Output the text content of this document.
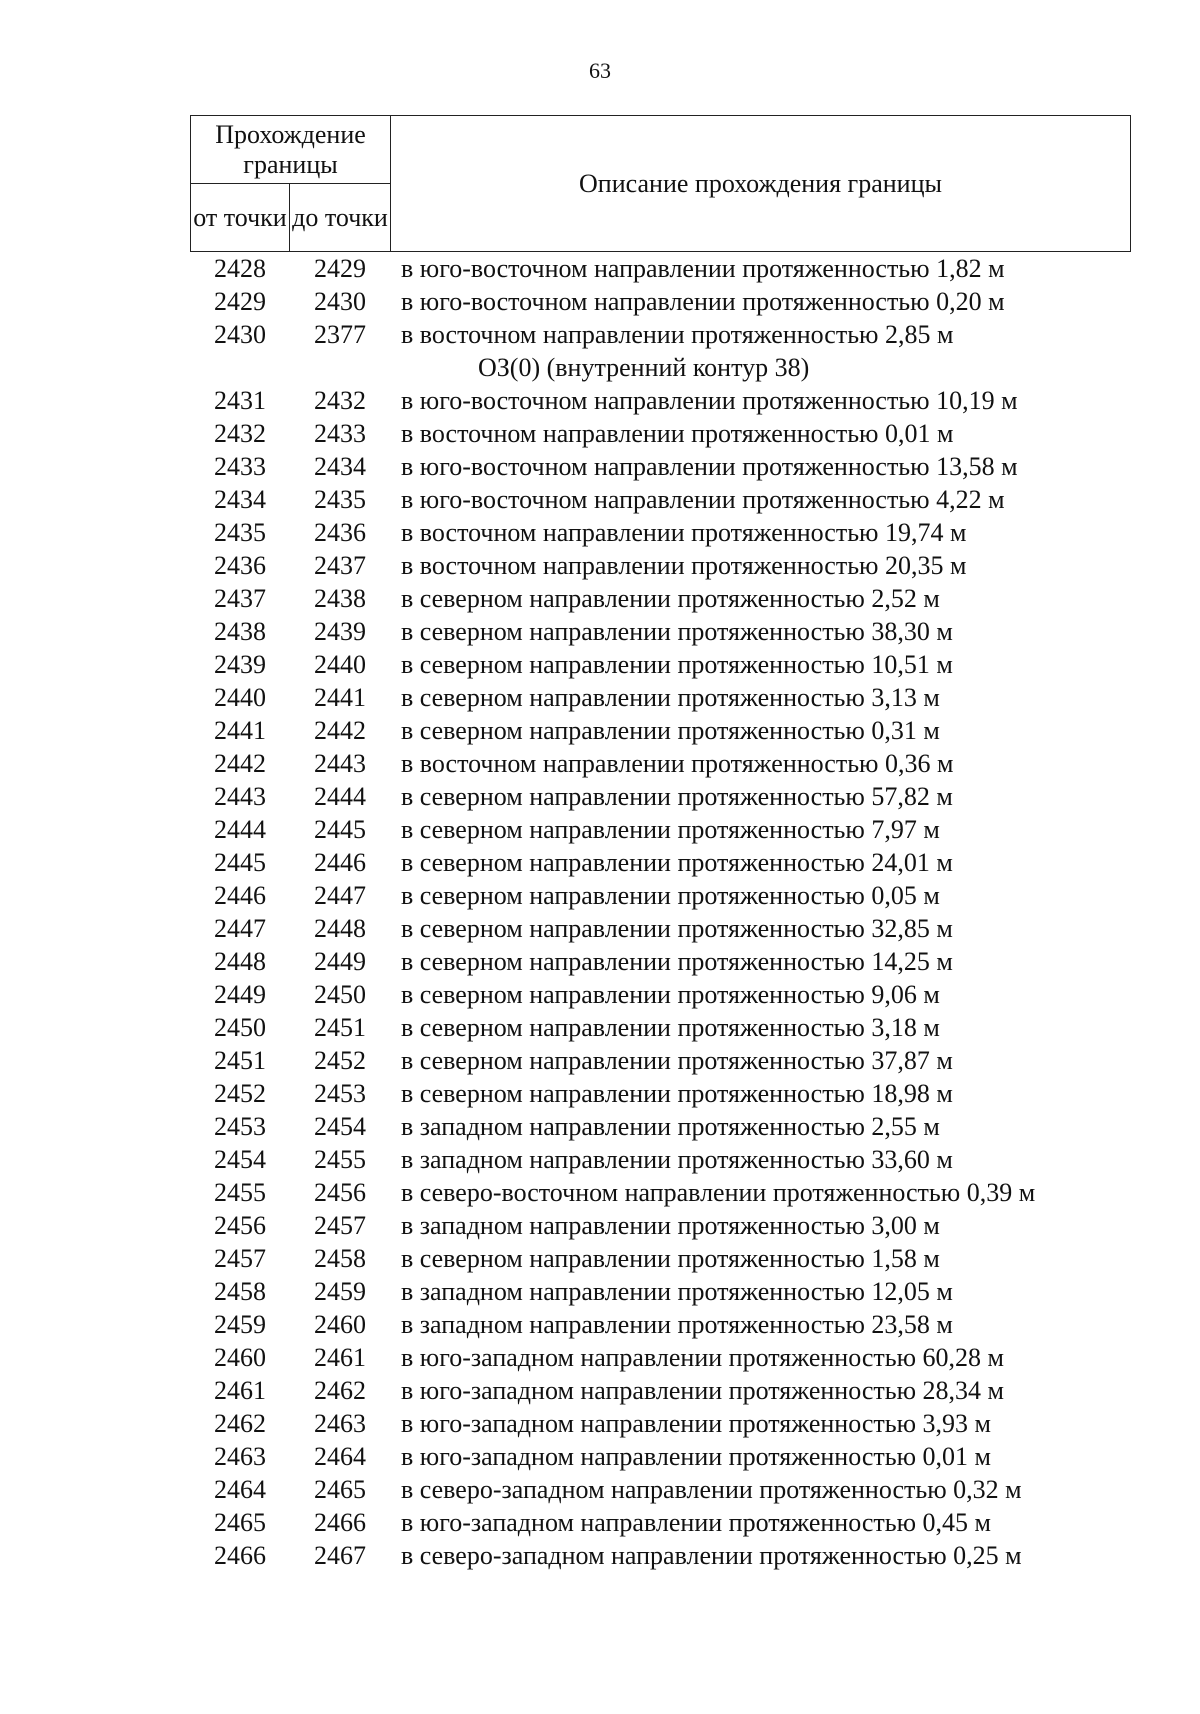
63
Прохождение границы		Описание прохождения границы
от точки	до точки	
2428	2429	в юго-восточном направлении протяженностью 1,82 м
2429	2430	в юго-восточном направлении протяженностью 0,20 м
2430	2377	в восточном направлении протяженностью 2,85 м
ОЗ(0) (внутренний контур 38)
2431	2432	в юго-восточном направлении протяженностью 10,19 м
2432	2433	в восточном направлении протяженностью 0,01 м
2433	2434	в юго-восточном направлении протяженностью 13,58 м
2434	2435	в юго-восточном направлении протяженностью 4,22 м
2435	2436	в восточном направлении протяженностью 19,74 м
2436	2437	в восточном направлении протяженностью 20,35 м
2437	2438	в северном направлении протяженностью 2,52 м
2438	2439	в северном направлении протяженностью 38,30 м
2439	2440	в северном направлении протяженностью 10,51 м
2440	2441	в северном направлении протяженностью 3,13 м
2441	2442	в северном направлении протяженностью 0,31 м
2442	2443	в восточном направлении протяженностью 0,36 м
2443	2444	в северном направлении протяженностью 57,82 м
2444	2445	в северном направлении протяженностью 7,97 м
2445	2446	в северном направлении протяженностью 24,01 м
2446	2447	в северном направлении протяженностью 0,05 м
2447	2448	в северном направлении протяженностью 32,85 м
2448	2449	в северном направлении протяженностью 14,25 м
2449	2450	в северном направлении протяженностью 9,06 м
2450	2451	в северном направлении протяженностью 3,18 м
2451	2452	в северном направлении протяженностью 37,87 м
2452	2453	в северном направлении протяженностью 18,98 м
2453	2454	в западном направлении протяженностью 2,55 м
2454	2455	в западном направлении протяженностью 33,60 м
2455	2456	в северо-восточном направлении протяженностью 0,39 м
2456	2457	в западном направлении протяженностью 3,00 м
2457	2458	в северном направлении протяженностью 1,58 м
2458	2459	в западном направлении протяженностью 12,05 м
2459	2460	в западном направлении протяженностью 23,58 м
2460	2461	в юго-западном направлении протяженностью 60,28 м
2461	2462	в юго-западном направлении протяженностью 28,34 м
2462	2463	в юго-западном направлении протяженностью 3,93 м
2463	2464	в юго-западном направлении протяженностью 0,01 м
2464	2465	в северо-западном направлении протяженностью 0,32 м
2465	2466	в юго-западном направлении протяженностью 0,45 м
2466	2467	в северо-западном направлении протяженностью 0,25 м
